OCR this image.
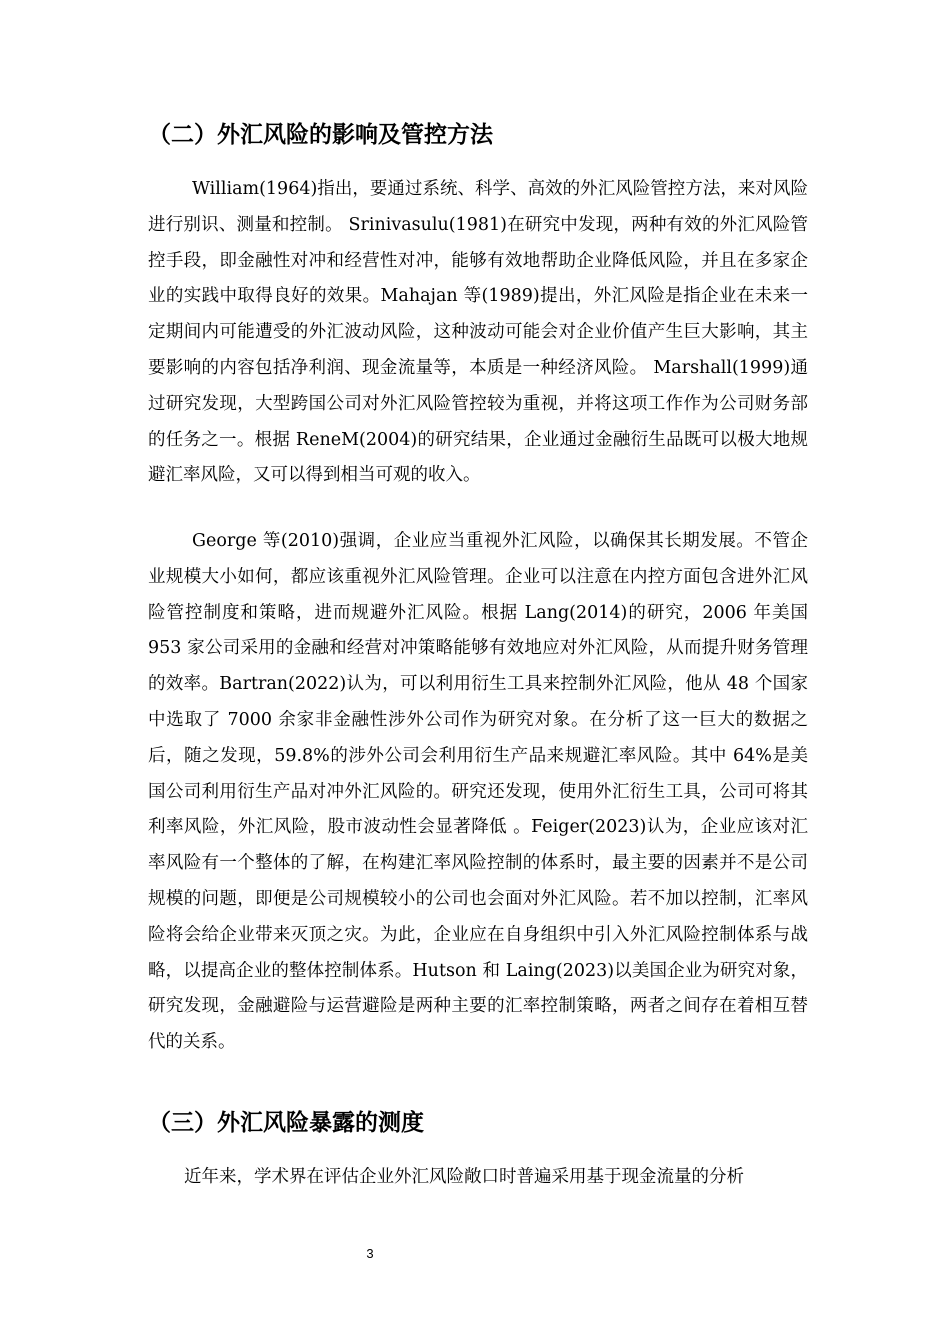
（二）外汇风险的影响及管控方法

William(1964)指出，要通过系统、科学、高效的外汇风险管控方法，来对风险进行别识、测量和控制。 Srinivasulu(1981)在研究中发现，两种有效的外汇风险管控手段，即金融性对冲和经营性对冲，能够有效地帮助企业降低风险，并且在多家企业的实践中取得良好的效果。Mahajan 等(1989)提出，外汇风险是指企业在未来一定期间内可能遭受的外汇波动风险，这种波动可能会对企业价值产生巨大影响，其主要影响的内容包括净利润、现金流量等，本质是一种经济风险。 Marshall(1999)通过研究发现，大型跨国公司对外汇风险管控较为重视，并将这项工作作为公司财务部的任务之一。根据 ReneM(2004)的研究结果，企业通过金融衍生品既可以极大地规避汇率风险，又可以得到相当可观的收入。

George 等(2010)强调，企业应当重视外汇风险，以确保其长期发展。不管企业规模大小如何，都应该重视外汇风险管理。企业可以注意在内控方面包含进外汇风险管控制度和策略，进而规避外汇风险。根据 Lang(2014)的研究，2006 年美国 953 家公司采用的金融和经营对冲策略能够有效地应对外汇风险，从而提升财务管理的效率。Bartran(2022)认为，可以利用衍生工具来控制外汇风险，他从 48 个国家中选取了 7000 余家非金融性涉外公司作为研究对象。在分析了这一巨大的数据之后，随之发现，59.8%的涉外公司会利用衍生产品来规避汇率风险。其中 64%是美国公司利用衍生产品对冲外汇风险的。研究还发现，使用外汇衍生工具，公司可将其利率风险，外汇风险，股市波动性会显著降低 。Feiger(2023)认为，企业应该对汇率风险有一个整体的了解，在构建汇率风险控制的体系时，最主要的因素并不是公司规模的问题，即便是公司规模较小的公司也会面对外汇风险。若不加以控制，汇率风险将会给企业带来灭顶之灾。为此，企业应在自身组织中引入外汇风险控制体系与战略，以提高企业的整体控制体系。Hutson 和 Laing(2023)以美国企业为研究对象，研究发现，金融避险与运营避险是两种主要的汇率控制策略，两者之间存在着相互替代的关系。

（三）外汇风险暴露的测度

近年来，学术界在评估企业外汇风险敞口时普遍采用基于现金流量的分析

3
